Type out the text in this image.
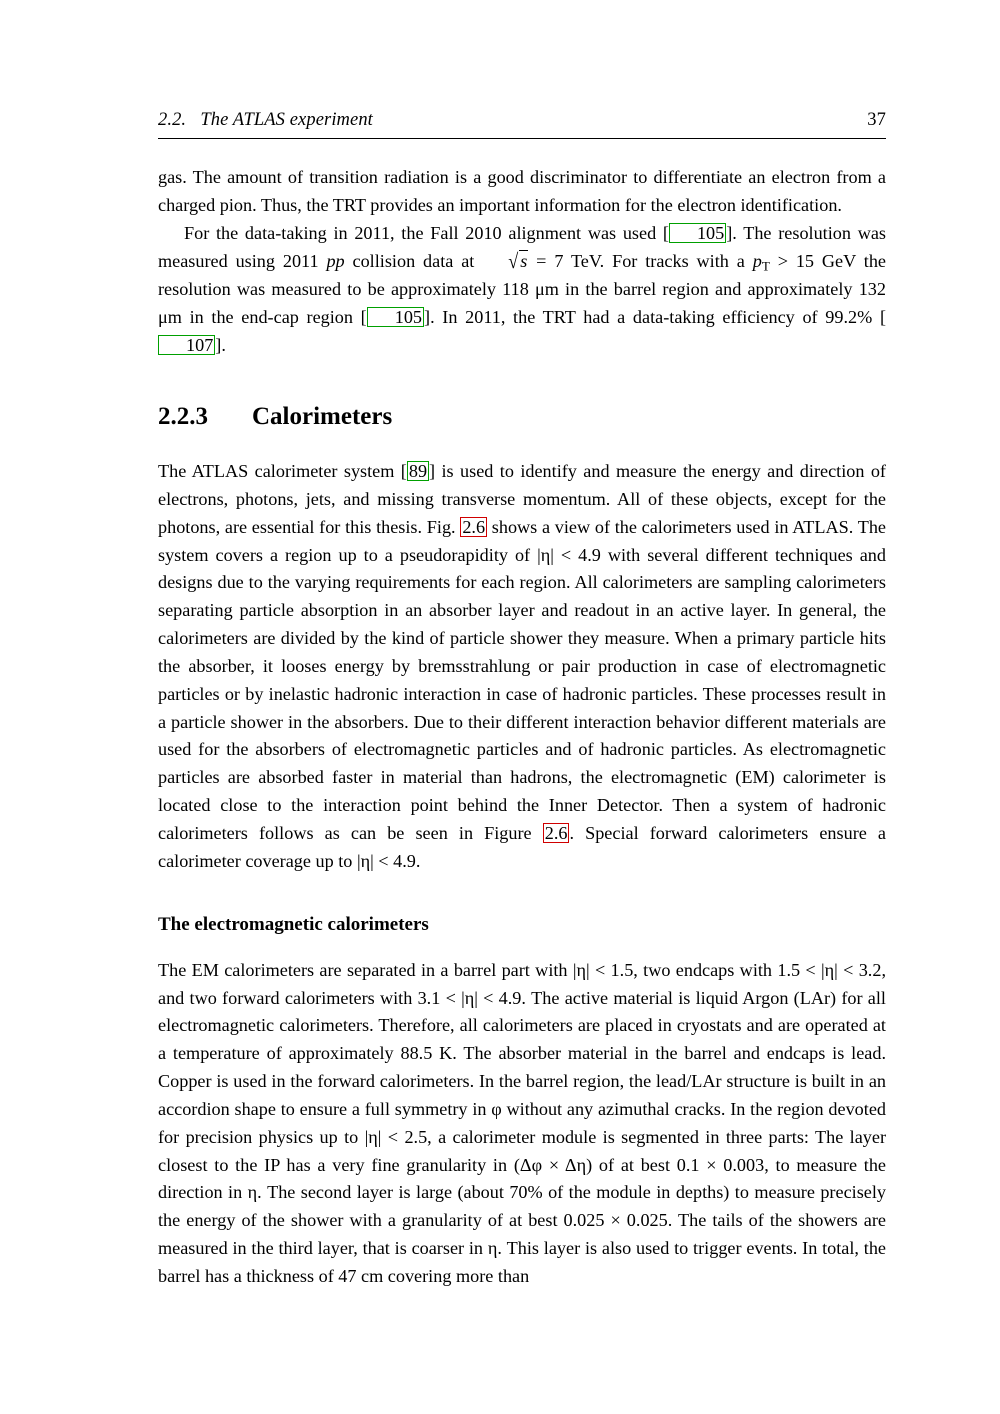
2.2.   The ATLAS experiment	37

gas. The amount of transition radiation is a good discriminator to differentiate an electron from a charged pion. Thus, the TRT provides an important information for the electron identification.

For the data-taking in 2011, the Fall 2010 alignment was used [ 105 ]. The resolution was measured using 2011 pp collision data at √ s = 7 TeV. For tracks with a $p_T > 15$ GeV the resolution was measured to be approximately 118 μm in the barrel region and approximately 132 μm in the end-cap region [ 105 ]. In 2011, the TRT had a data-taking efficiency of 99.2% [107 ].

2.2.3 Calorimeters

The ATLAS calorimeter system [ 89 ] is used to identify and measure the energy and direction of electrons, photons, jets, and missing transverse momentum. All of these objects, except for the photons, are essential for this thesis. Fig. 2.6 shows a view of the calorimeters used in ATLAS. The system covers a region up to a pseudorapidity of |η| < 4.9 with several different techniques and designs due to the varying requirements for each region. All calorimeters are sampling calorimeters separating particle absorption in an absorber layer and readout in an active layer. In general, the calorimeters are divided by the kind of particle shower they measure. When a primary particle hits the absorber, it looses energy by bremsstrahlung or pair production in case of electromagnetic particles or by inelastic hadronic interaction in case of hadronic particles. These processes result in a particle shower in the absorbers. Due to their different interaction behavior different materials are used for the absorbers of electromagnetic particles and of hadronic particles. As electromagnetic particles are absorbed faster in material than hadrons, the electromagnetic (EM) calorimeter is located close to the interaction point behind the Inner Detector. Then a system of hadronic calorimeters follows as can be seen in Figure 2.6 . Special forward calorimeters ensure a calorimeter coverage up to |η| < 4.9.

The electromagnetic calorimeters

The EM calorimeters are separated in a barrel part with |η| < 1.5, two endcaps with 1.5 < |η| < 3.2, and two forward calorimeters with 3.1 < |η| < 4.9. The active material is liquid Argon (LAr) for all electromagnetic calorimeters. Therefore, all calorimeters are placed in cryostats and are operated at a temperature of approximately 88.5 K. The absorber material in the barrel and endcaps is lead. Copper is used in the forward calorimeters. In the barrel region, the lead/LAr structure is built in an accordion shape to ensure a full symmetry in φ without any azimuthal cracks. In the region devoted for precision physics up to |η| < 2.5, a calorimeter module is segmented in three parts: The layer closest to the IP has a very fine granularity in (Δφ × Δη) of at best 0.1 × 0.003, to measure the direction in η. The second layer is large (about 70% of the module in depths) to measure precisely the energy of the shower with a granularity of at best 0.025 × 0.025. The tails of the showers are measured in the third layer, that is coarser in η. This layer is also used to trigger events. In total, the barrel has a thickness of 47 cm covering more than
